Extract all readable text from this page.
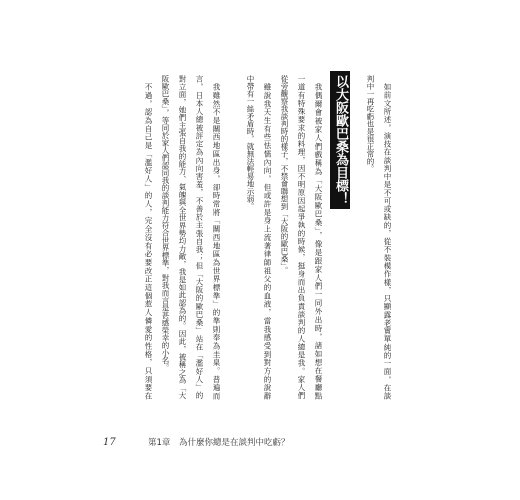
如前文所述，演技在談判中是不可或缺的，從不裝模作樣，只顯露老實單純的一面，在談
判中一再吃虧也是很正常的。
以大阪歐巴桑為目標！
我偶爾會被家人們戲稱為「大阪歐巴桑」，像是跟家人們一同外出時，諸如想在餐廳點
一道有特殊要求的料理，因不明原因起爭執的時候，挺身而出負責談判的人總是我。家人們
從旁觀察我談判時的樣子，不禁會聯想到「大阪的歐巴桑」。
雖說我天生有些怯懦內向，但或許是身上流著律師祖父的血液，當我感受到對方的說辭
中帶有一絲矛盾時，就無法輕易地示弱。
我雖然不是關西地區出身，卻時常將「關西地區為世界標準」的準則奉為圭臬。普遍而
言，日本人總被評定為內向害羞，不善於主張自我；但「大阪的歐巴桑」站在「濫好人」的
對立面，她們主張自我的能力、氣魄與全世界勢均力敵，我是如此認為的。因此，被稱之為「大
阪歐巴桑」，等同於家人們認同我的談判能力符合世界標準，對我而言是甚感榮幸的小名。
不過，認為自己是「濫好人」的人，完全沒有必要改正這個惹人憐愛的性格，只須要在
17	第1章 為什麼你總是在談判中吃虧？
